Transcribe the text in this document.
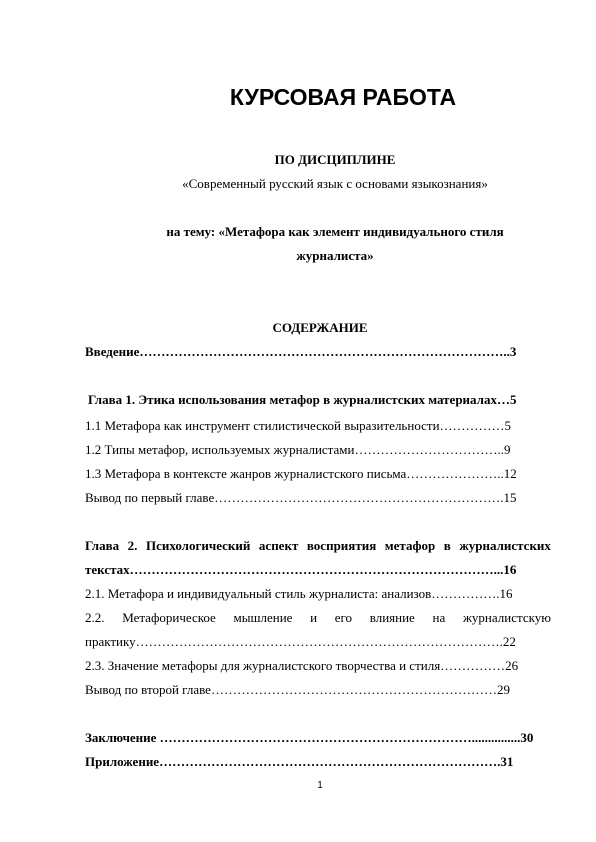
КУРСОВАЯ РАБОТА
ПО ДИСЦИПЛИНЕ
«Современный русский язык с основами языкознания»
на тему: «Метафора как элемент индивидуального стиля
журналиста»
СОДЕРЖАНИЕ
Введение…………………………………………………………………………..3
Глава 1. Этика использования метафор в журналистских материалах…5
1.1 Метафора как инструмент стилистической выразительности……………5
1.2 Типы метафор, используемых журналистами……………………………..9
1.3 Метафора в контексте жанров журналистского письма…………………..12
Вывод по первый главе………………………………………………………….15
Глава 2. Психологический аспект восприятия метафор в журналистских
текстах…………………………………………………………………………...16
2.1. Метафора и индивидуальный стиль журналиста: анализов…………….16
2.2. Метафорическое мышление и его влияние на журналистскую
практику………………………………………………………………………….22
2.3. Значение метафоры для журналистского творчества и стиля……………26
Вывод по второй главе…………………………………………………………29
Заключение ………………………………………………………………...............30
Приложение…………………………………………………………………….31
1
